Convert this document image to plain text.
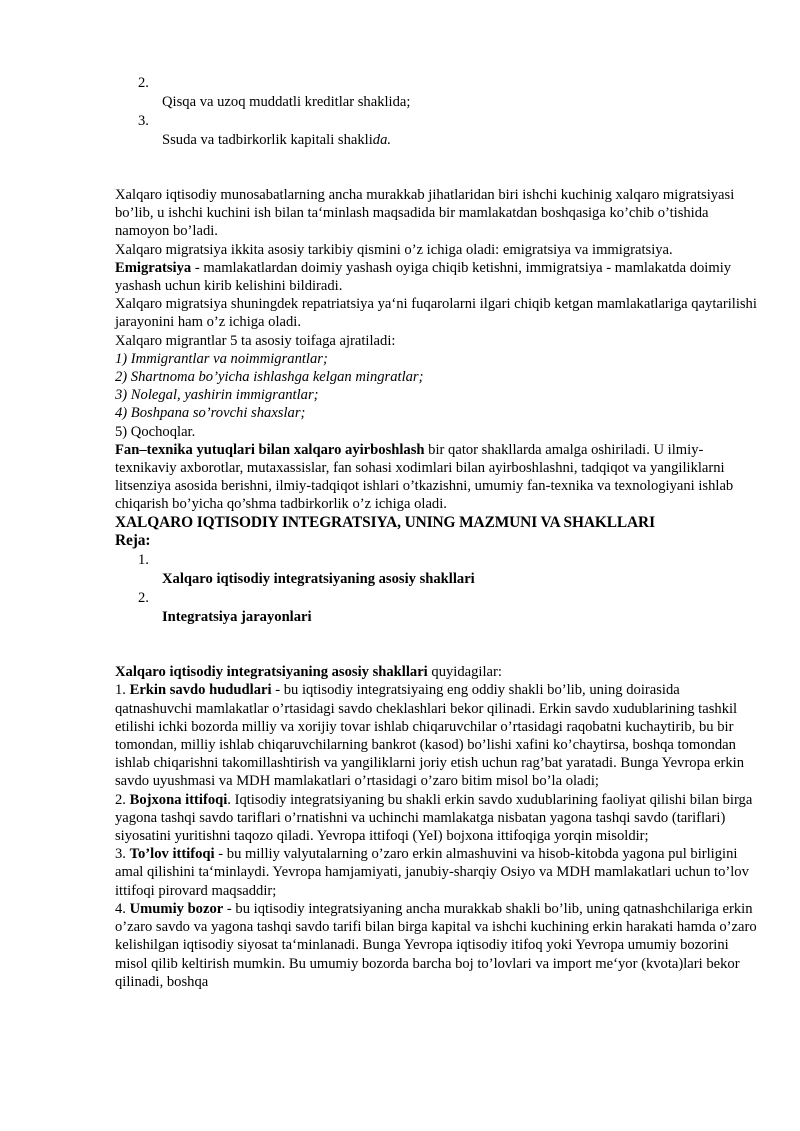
2.
Qisqa va uzoq muddatli kreditlar shaklida;
3.
Ssuda va tadbirkorlik kapitali shaklida.

Xalqaro iqtisodiy munosabatlarning ancha murakkab jihatlaridan biri ishchi kuchinig xalqaro migratsiyasi bo’lib, u ishchi kuchini ish bilan ta‘minlash maqsadida bir mamlakatdan boshqasiga ko’chib o’tishida namoyon bo’ladi.

Xalqaro migratsiya ikkita asosiy tarkibiy qismini o’z ichiga oladi: emigratsiya va immigratsiya.

Emigratsiya - mamlakatlardan doimiy yashash oyiga chiqib ketishni, immigratsiya - mamlakatda doimiy yashash uchun kirib kelishini bildiradi.

Xalqaro migratsiya shuningdek repatriatsiya ya‘ni fuqarolarni ilgari chiqib ketgan mamlakatlariga qaytarilishi jarayonini ham o’z ichiga oladi.

Xalqaro migrantlar 5 ta asosiy toifaga ajratiladi:

1) Immigrantlar va noimmigrantlar;

2) Shartnoma bo’yicha ishlashga kelgan mingratlar;

3) Nolegal, yashirin immigrantlar;

4) Boshpana so’rovchi shaxslar;

5) Qochoqlar.

Fan–texnika yutuqlari bilan xalqaro ayirboshlash bir qator shakllarda amalga oshiriladi. U ilmiy-texnikaviy axborotlar, mutaxassislar, fan sohasi xodimlari bilan ayirboshlashni, tadqiqot va yangiliklarni litsenziya asosida berishni, ilmiy-tadqiqot ishlari o’tkazishni, umumiy fan-texnika va texnologiyani ishlab chiqarish bo’yicha qo’shma tadbirkorlik o’z ichiga oladi.

XALQARO IQTISODIY INTEGRATSIYA, UNING MAZMUNI VA SHAKLLARI

Reja:

1.
Xalqaro iqtisodiy integratsiyaning asosiy shakllari
2.
Integratsiya jarayonlari

Xalqaro iqtisodiy integratsiyaning asosiy shakllari quyidagilar:

1. Erkin savdo hududlari - bu iqtisodiy integratsiyaing eng oddiy shakli bo’lib, uning doirasida qatnashuvchi mamlakatlar o’rtasidagi savdo cheklashlari bekor qilinadi. Erkin savdo xudublarining tashkil etilishi ichki bozorda milliy va xorijiy tovar ishlab chiqaruvchilar o’rtasidagi raqobatni kuchaytirib, bu bir tomondan, milliy ishlab chiqaruvchilarning bankrot (kasod) bo’lishi xafini ko’chaytirsa, boshqa tomondan ishlab chiqarishni takomillashtirish va yangiliklarni joriy etish uchun rag’bat yaratadi. Bunga Yevropa erkin savdo uyushmasi va MDH mamlakatlari o’rtasidagi o’zaro bitim misol bo’la oladi;

2. Bojxona ittifoqi. Iqtisodiy integratsiyaning bu shakli erkin savdo xudublarining faoliyat qilishi bilan birga yagona tashqi savdo tariflari o’rnatishni va uchinchi mamlakatga nisbatan yagona tashqi savdo (tariflari) siyosatini yuritishni taqozo qiladi. Yevropa ittifoqi (YeI) bojxona ittifoqiga yorqin misoldir;

3. To’lov ittifoqi - bu milliy valyutalarning o’zaro erkin almashuvini va hisob-kitobda yagona pul birligini amal qilishini ta‘minlaydi. Yevropa hamjamiyati, janubiy-sharqiy Osiyo va MDH mamlakatlari uchun to’lov ittifoqi pirovard maqsaddir;

4. Umumiy bozor - bu iqtisodiy integratsiyaning ancha murakkab shakli bo’lib, uning qatnashchilariga erkin o’zaro savdo va yagona tashqi savdo tarifi bilan birga kapital va ishchi kuchining erkin harakati hamda o’zaro kelishilgan iqtisodiy siyosat ta‘minlanadi. Bunga Yevropa iqtisodiy itifoq yoki Yevropa umumiy bozorini misol qilib keltirish mumkin. Bu umumiy bozorda barcha boj to’lovlari va import me‘yor (kvota)lari bekor qilinadi, boshqa
